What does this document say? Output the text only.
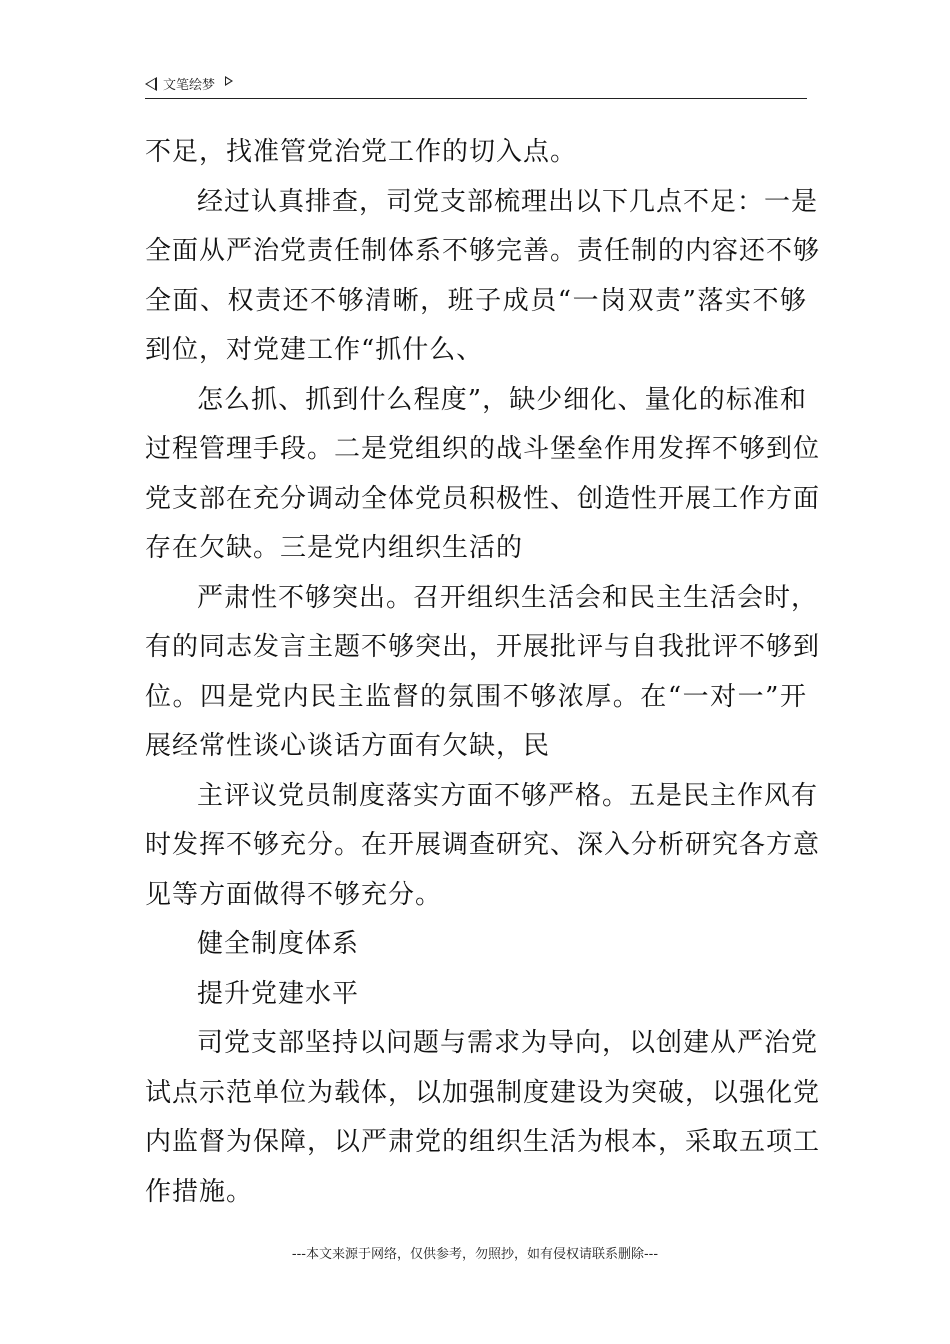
文笔绘梦
不足，找准管党治党工作的切入点。
经过认真排查，司党支部梳理出以下几点不足：一是
全面从严治党责任制体系不够完善。责任制的内容还不够
全面、权责还不够清晰，班子成员“一岗双责”落实不够
到位，对党建工作“抓什么、
怎么抓、抓到什么程度”，缺少细化、量化的标准和
过程管理手段。二是党组织的战斗堡垒作用发挥不够到位
党支部在充分调动全体党员积极性、创造性开展工作方面
存在欠缺。三是党内组织生活的
严肃性不够突出。召开组织生活会和民主生活会时，
有的同志发言主题不够突出，开展批评与自我批评不够到
位。四是党内民主监督的氛围不够浓厚。在“一对一”开
展经常性谈心谈话方面有欠缺，民
主评议党员制度落实方面不够严格。五是民主作风有
时发挥不够充分。在开展调查研究、深入分析研究各方意
见等方面做得不够充分。
健全制度体系
提升党建水平
司党支部坚持以问题与需求为导向，以创建从严治党
试点示范单位为载体，以加强制度建设为突破，以强化党
内监督为保障，以严肃党的组织生活为根本，采取五项工
作措施。
---本文来源于网络，仅供参考，勿照抄，如有侵权请联系删除---
